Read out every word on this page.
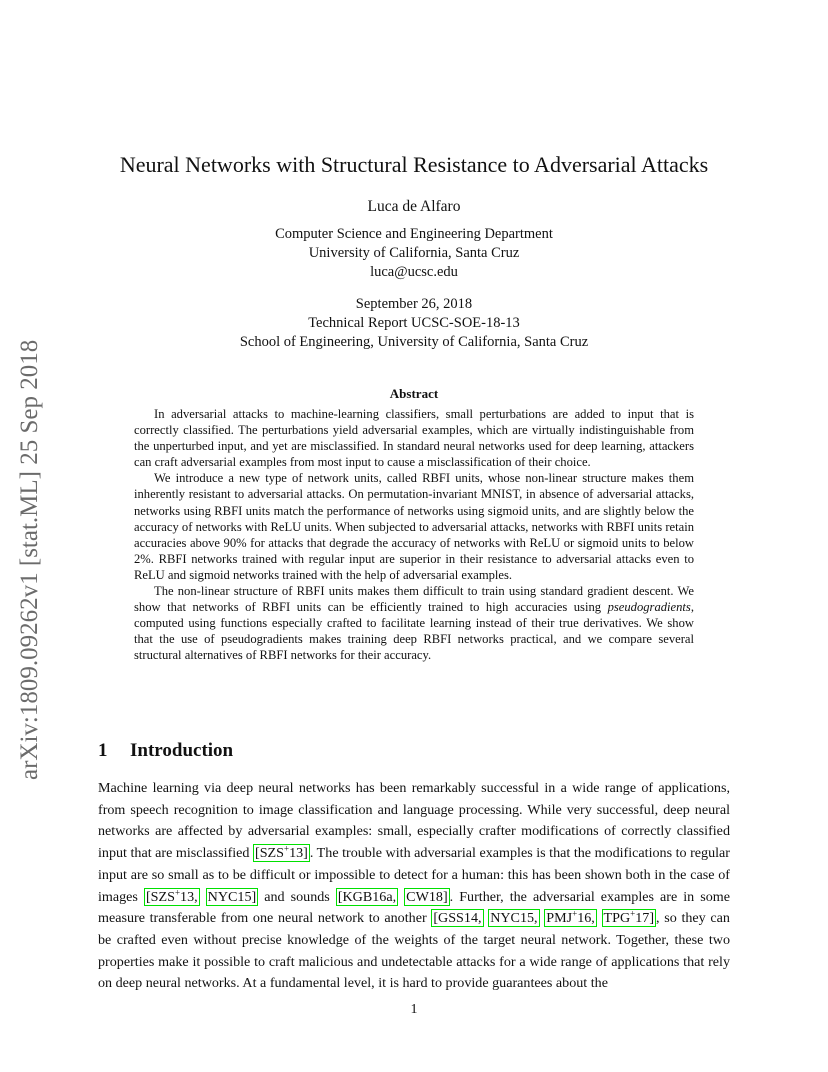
arXiv:1809.09262v1 [stat.ML] 25 Sep 2018
Neural Networks with Structural Resistance to Adversarial Attacks
Luca de Alfaro
Computer Science and Engineering Department
University of California, Santa Cruz
luca@ucsc.edu
September 26, 2018
Technical Report UCSC-SOE-18-13
School of Engineering, University of California, Santa Cruz
Abstract

In adversarial attacks to machine-learning classifiers, small perturbations are added to input that is correctly classified. The perturbations yield adversarial examples, which are virtually indistinguishable from the unperturbed input, and yet are misclassified. In standard neural networks used for deep learning, attackers can craft adversarial examples from most input to cause a misclassification of their choice.

We introduce a new type of network units, called RBFI units, whose non-linear structure makes them inherently resistant to adversarial attacks. On permutation-invariant MNIST, in absence of adversarial attacks, networks using RBFI units match the performance of networks using sigmoid units, and are slightly below the accuracy of networks with ReLU units. When subjected to adversarial attacks, networks with RBFI units retain accuracies above 90% for attacks that degrade the accuracy of networks with ReLU or sigmoid units to below 2%. RBFI networks trained with regular input are superior in their resistance to adversarial attacks even to ReLU and sigmoid networks trained with the help of adversarial examples.

The non-linear structure of RBFI units makes them difficult to train using standard gradient descent. We show that networks of RBFI units can be efficiently trained to high accuracies using pseudogradients, computed using functions especially crafted to facilitate learning instead of their true derivatives. We show that the use of pseudogradients makes training deep RBFI networks practical, and we compare several structural alternatives of RBFI networks for their accuracy.

1 Introduction

Machine learning via deep neural networks has been remarkably successful in a wide range of applications, from speech recognition to image classification and language processing. While very successful, deep neural networks are affected by adversarial examples: small, especially crafter modifications of correctly classified input that are misclassified [SZS+13] . The trouble with adversarial examples is that the modifications to regular input are so small as to be difficult or impossible to detect for a human: this has been shown both in the case of images [SZS+13, NYC15] and sounds [KGB16a, CW18] . Further, the adversarial examples are in some measure transferable from one neural network to another [GSS14, NYC15, PMJ+16, TPG+17] , so they can be crafted even without precise knowledge of the weights of the target neural network. Together, these two properties make it possible to craft malicious and undetectable attacks for a wide range of applications that rely on deep neural networks. At a fundamental level, it is hard to provide guarantees about the

1
